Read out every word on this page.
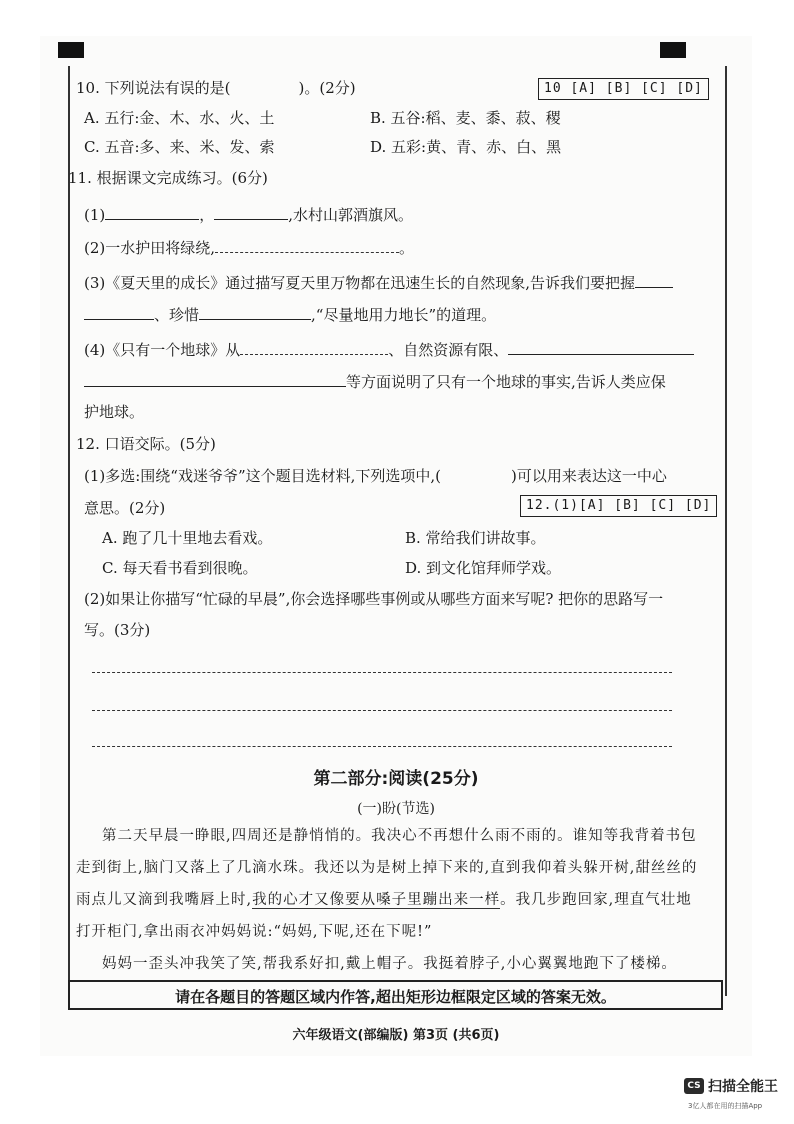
10. 下列说法有误的是(	)。(2分)	10 [A] [B] [C] [D]
A. 五行:金、木、水、火、土	B. 五谷:稻、麦、黍、菽、稷
C. 五音:多、来、米、发、索	D. 五彩:黄、青、赤、白、黑
11. 根据课文完成练习。(6分)
(1)	，	,水村山郭酒旗风。
(2)一水护田将绿绕,	。
(3)《夏天里的成长》通过描写夏天里万物都在迅速生长的自然现象,告诉我们要把握
、珍惜	,“尽量地用力地长”的道理。
(4)《只有一个地球》从	、自然资源有限、
等方面说明了只有一个地球的事实,告诉人类应保
护地球。
12. 口语交际。(5分)
(1)多选:围绕“戏迷爷爷”这个题目选材料,下列选项中,(	)可以用来表达这一中心
意思。(2分)	12.(1)[A] [B] [C] [D]
A. 跑了几十里地去看戏。	B. 常给我们讲故事。
C. 每天看书看到很晚。	D. 到文化馆拜师学戏。
(2)如果让你描写“忙碌的早晨”,你会选择哪些事例或从哪些方面来写呢? 把你的思路写一
写。(3分)
第二部分:阅读(25分)
(一)盼(节选)
第二天早晨一睁眼,四周还是静悄悄的。我决心不再想什么雨不雨的。谁知等我背着书包
走到街上,脑门又落上了几滴水珠。我还以为是树上掉下来的,直到我仰着头躲开树,甜丝丝的
雨点儿又滴到我嘴唇上时,我的心才又像要从嗓子里蹦出来一样。我几步跑回家,理直气壮地
打开柜门,拿出雨衣冲妈妈说:“妈妈,下呢,还在下呢!”
妈妈一歪头冲我笑了笑,帮我系好扣,戴上帽子。我挺着脖子,小心翼翼地跑下了楼梯。
请在各题目的答题区域内作答,超出矩形边框限定区域的答案无效。
六年级语文(部编版) 第3页 (共6页)
CS 扫描全能王
3亿人都在用的扫描App
